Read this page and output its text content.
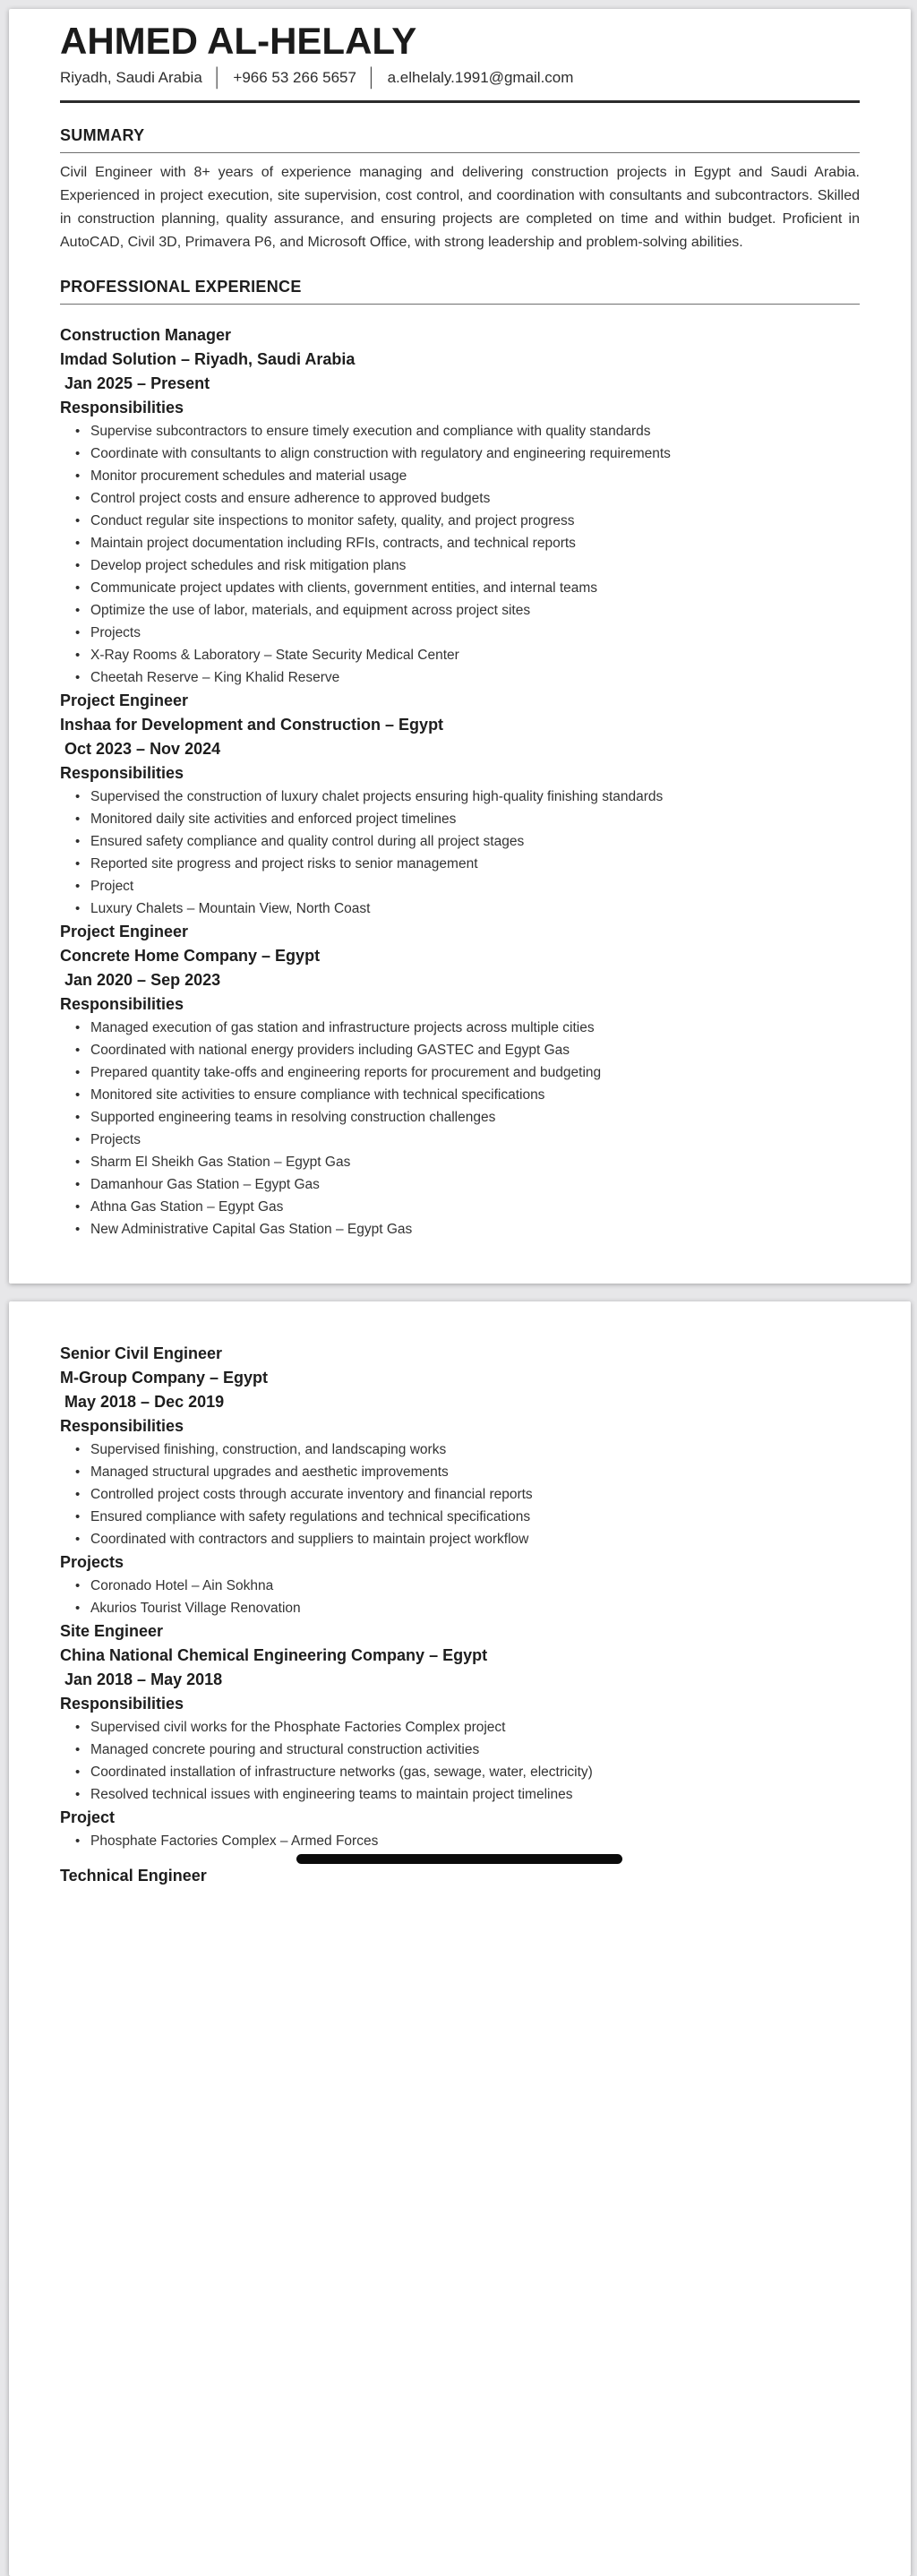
AHMED AL-HELALY
Riyadh, Saudi Arabia │ +966 53 266 5657 │ a.elhelaly.1991@gmail.com
SUMMARY
Civil Engineer with 8+ years of experience managing and delivering construction projects in Egypt and Saudi Arabia. Experienced in project execution, site supervision, cost control, and coordination with consultants and subcontractors. Skilled in construction planning, quality assurance, and ensuring projects are completed on time and within budget. Proficient in AutoCAD, Civil 3D, Primavera P6, and Microsoft Office, with strong leadership and problem-solving abilities.
PROFESSIONAL EXPERIENCE
Construction Manager
Imdad Solution – Riyadh, Saudi Arabia
Jan 2025 – Present
Responsibilities
• Supervise subcontractors to ensure timely execution and compliance with quality standards
• Coordinate with consultants to align construction with regulatory and engineering requirements
• Monitor procurement schedules and material usage
• Control project costs and ensure adherence to approved budgets
• Conduct regular site inspections to monitor safety, quality, and project progress
• Maintain project documentation including RFIs, contracts, and technical reports
• Develop project schedules and risk mitigation plans
• Communicate project updates with clients, government entities, and internal teams
• Optimize the use of labor, materials, and equipment across project sites
• Projects
• X-Ray Rooms & Laboratory – State Security Medical Center
• Cheetah Reserve – King Khalid Reserve
Project Engineer
Inshaa for Development and Construction – Egypt
Oct 2023 – Nov 2024
Responsibilities
• Supervised the construction of luxury chalet projects ensuring high-quality finishing standards
• Monitored daily site activities and enforced project timelines
• Ensured safety compliance and quality control during all project stages
• Reported site progress and project risks to senior management
• Project
• Luxury Chalets – Mountain View, North Coast
Project Engineer
Concrete Home Company – Egypt
Jan 2020 – Sep 2023
Responsibilities
• Managed execution of gas station and infrastructure projects across multiple cities
• Coordinated with national energy providers including GASTEC and Egypt Gas
• Prepared quantity take-offs and engineering reports for procurement and budgeting
• Monitored site activities to ensure compliance with technical specifications
• Supported engineering teams in resolving construction challenges
• Projects
• Sharm El Sheikh Gas Station – Egypt Gas
• Damanhour Gas Station – Egypt Gas
• Athna Gas Station – Egypt Gas
• New Administrative Capital Gas Station – Egypt Gas
Senior Civil Engineer
M-Group Company – Egypt
May 2018 – Dec 2019
Responsibilities
• Supervised finishing, construction, and landscaping works
• Managed structural upgrades and aesthetic improvements
• Controlled project costs through accurate inventory and financial reports
• Ensured compliance with safety regulations and technical specifications
• Coordinated with contractors and suppliers to maintain project workflow
Projects
• Coronado Hotel – Ain Sokhna
• Akurios Tourist Village Renovation
Site Engineer
China National Chemical Engineering Company – Egypt
Jan 2018 – May 2018
Responsibilities
• Supervised civil works for the Phosphate Factories Complex project
• Managed concrete pouring and structural construction activities
• Coordinated installation of infrastructure networks (gas, sewage, water, electricity)
• Resolved technical issues with engineering teams to maintain project timelines
Project
• Phosphate Factories Complex – Armed Forces
Technical Engineer
